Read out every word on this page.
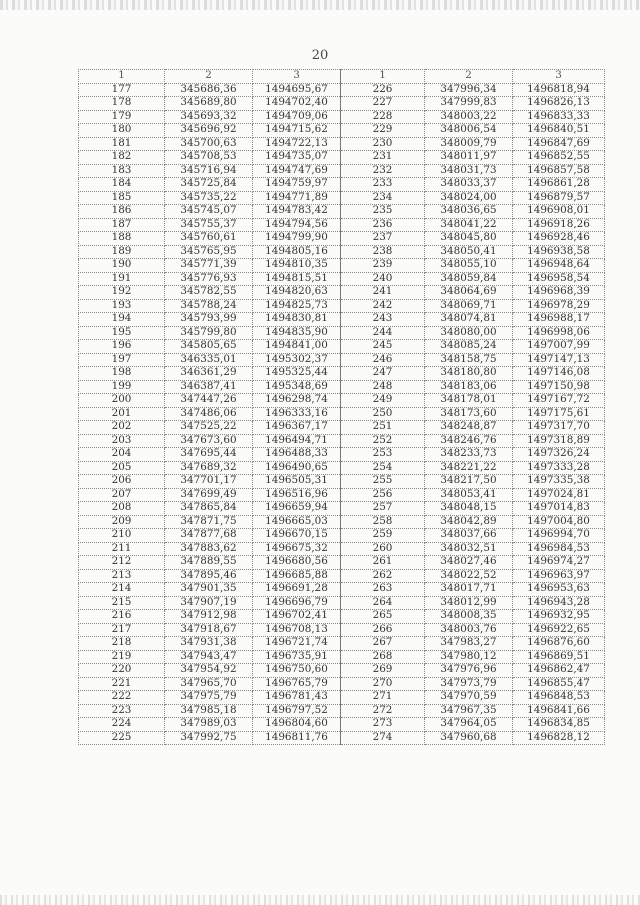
20
1	2	3	1	2	3
177	345686,36	1494695,67	226	347996,34	1496818,94
178	345689,80	1494702,40	227	347999,83	1496826,13
179	345693,32	1494709,06	228	348003,22	1496833,33
180	345696,92	1494715,62	229	348006,54	1496840,51
181	345700,63	1494722,13	230	348009,79	1496847,69
182	345708,53	1494735,07	231	348011,97	1496852,55
183	345716,94	1494747,69	232	348031,73	1496857,58
184	345725,84	1494759,97	233	348033,37	1496861,28
185	345735,22	1494771,89	234	348024,00	1496879,57
186	345745,07	1494783,42	235	348036,65	1496908,01
187	345755,37	1494794,56	236	348041,22	1496918,26
188	345760,61	1494799,90	237	348045,80	1496928,46
189	345765,95	1494805,16	238	348050,41	1496938,58
190	345771,39	1494810,35	239	348055,10	1496948,64
191	345776,93	1494815,51	240	348059,84	1496958,54
192	345782,55	1494820,63	241	348064,69	1496968,39
193	345788,24	1494825,73	242	348069,71	1496978,29
194	345793,99	1494830,81	243	348074,81	1496988,17
195	345799,80	1494835,90	244	348080,00	1496998,06
196	345805,65	1494841,00	245	348085,24	1497007,99
197	346335,01	1495302,37	246	348158,75	1497147,13
198	346361,29	1495325,44	247	348180,80	1497146,08
199	346387,41	1495348,69	248	348183,06	1497150,98
200	347447,26	1496298,74	249	348178,01	1497167,72
201	347486,06	1496333,16	250	348173,60	1497175,61
202	347525,22	1496367,17	251	348248,87	1497317,70
203	347673,60	1496494,71	252	348246,76	1497318,89
204	347695,44	1496488,33	253	348233,73	1497326,24
205	347689,32	1496490,65	254	348221,22	1497333,28
206	347701,17	1496505,31	255	348217,50	1497335,38
207	347699,49	1496516,96	256	348053,41	1497024,81
208	347865,84	1496659,94	257	348048,15	1497014,83
209	347871,75	1496665,03	258	348042,89	1497004,80
210	347877,68	1496670,15	259	348037,66	1496994,70
211	347883,62	1496675,32	260	348032,51	1496984,53
212	347889,55	1496680,56	261	348027,46	1496974,27
213	347895,46	1496685,88	262	348022,52	1496963,97
214	347901,35	1496691,28	263	348017,71	1496953,63
215	347907,19	1496696,79	264	348012,99	1496943,28
216	347912,98	1496702,41	265	348008,35	1496932,95
217	347918,67	1496708,13	266	348003,76	1496922,65
218	347931,38	1496721,74	267	347983,27	1496876,60
219	347943,47	1496735,91	268	347980,12	1496869,51
220	347954,92	1496750,60	269	347976,96	1496862,47
221	347965,70	1496765,79	270	347973,79	1496855,47
222	347975,79	1496781,43	271	347970,59	1496848,53
223	347985,18	1496797,52	272	347967,35	1496841,66
224	347989,03	1496804,60	273	347964,05	1496834,85
225	347992,75	1496811,76	274	347960,68	1496828,12
